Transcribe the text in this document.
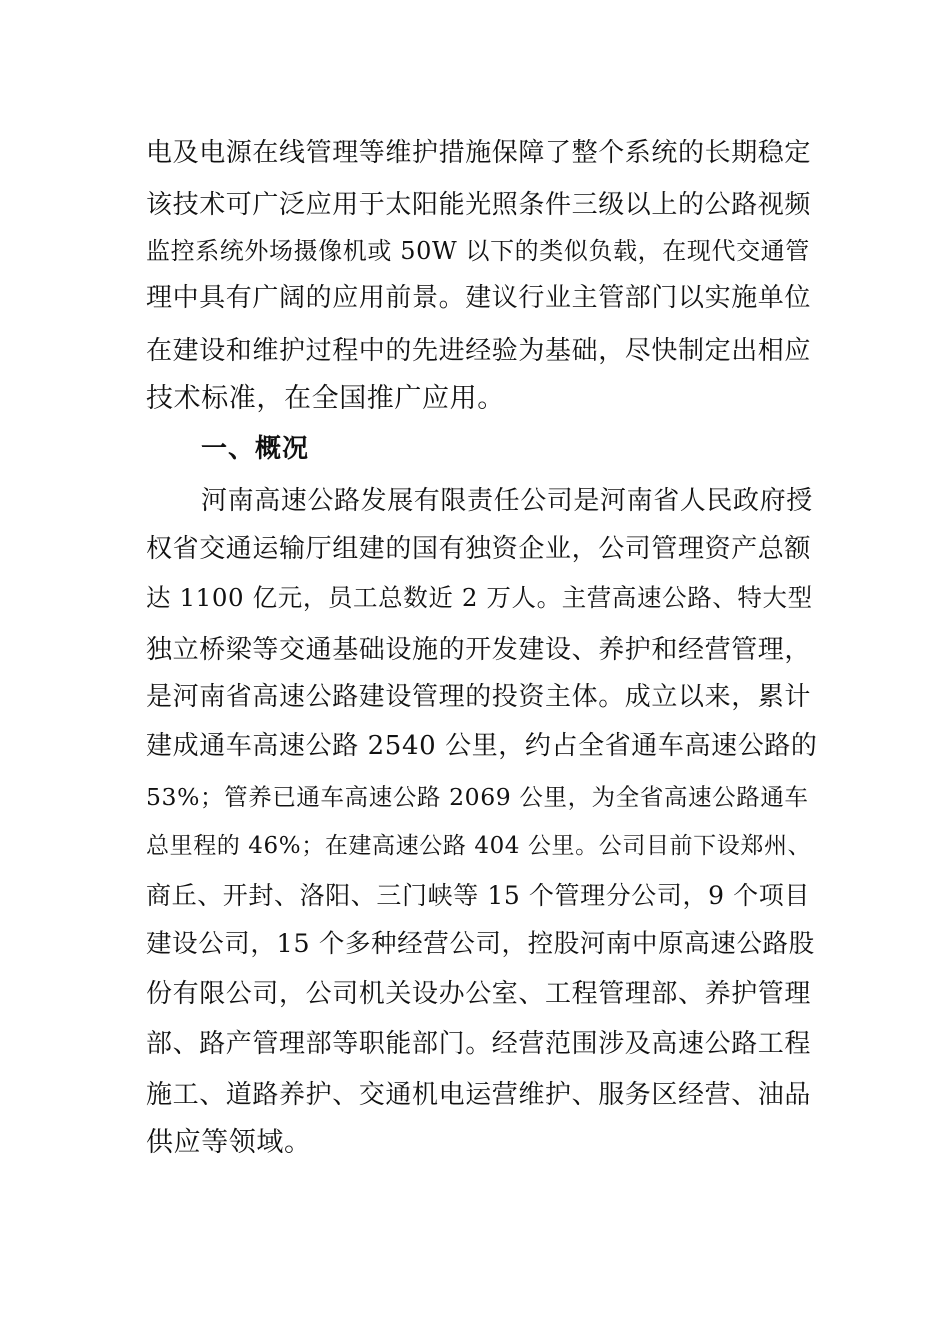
电及电源在线管理等维护措施保障了整个系统的长期稳定
该技术可广泛应用于太阳能光照条件三级以上的公路视频
监控系统外场摄像机或 50W 以下的类似负载，在现代交通管
理中具有广阔的应用前景。建议行业主管部门以实施单位
在建设和维护过程中的先进经验为基础，尽快制定出相应
技术标准，在全国推广应用。
一、概况
河南高速公路发展有限责任公司是河南省人民政府授
权省交通运输厅组建的国有独资企业，公司管理资产总额
达 1100 亿元，员工总数近 2 万人。主营高速公路、特大型
独立桥梁等交通基础设施的开发建设、养护和经营管理，
是河南省高速公路建设管理的投资主体。成立以来，累计
建成通车高速公路 2540 公里，约占全省通车高速公路的
53%；管养已通车高速公路 2069 公里，为全省高速公路通车
总里程的 46%；在建高速公路 404 公里。公司目前下设郑州、
商丘、开封、洛阳、三门峡等 15 个管理分公司，9 个项目
建设公司，15 个多种经营公司，控股河南中原高速公路股
份有限公司，公司机关设办公室、工程管理部、养护管理
部、路产管理部等职能部门。经营范围涉及高速公路工程
施工、道路养护、交通机电运营维护、服务区经营、油品
供应等领域。
